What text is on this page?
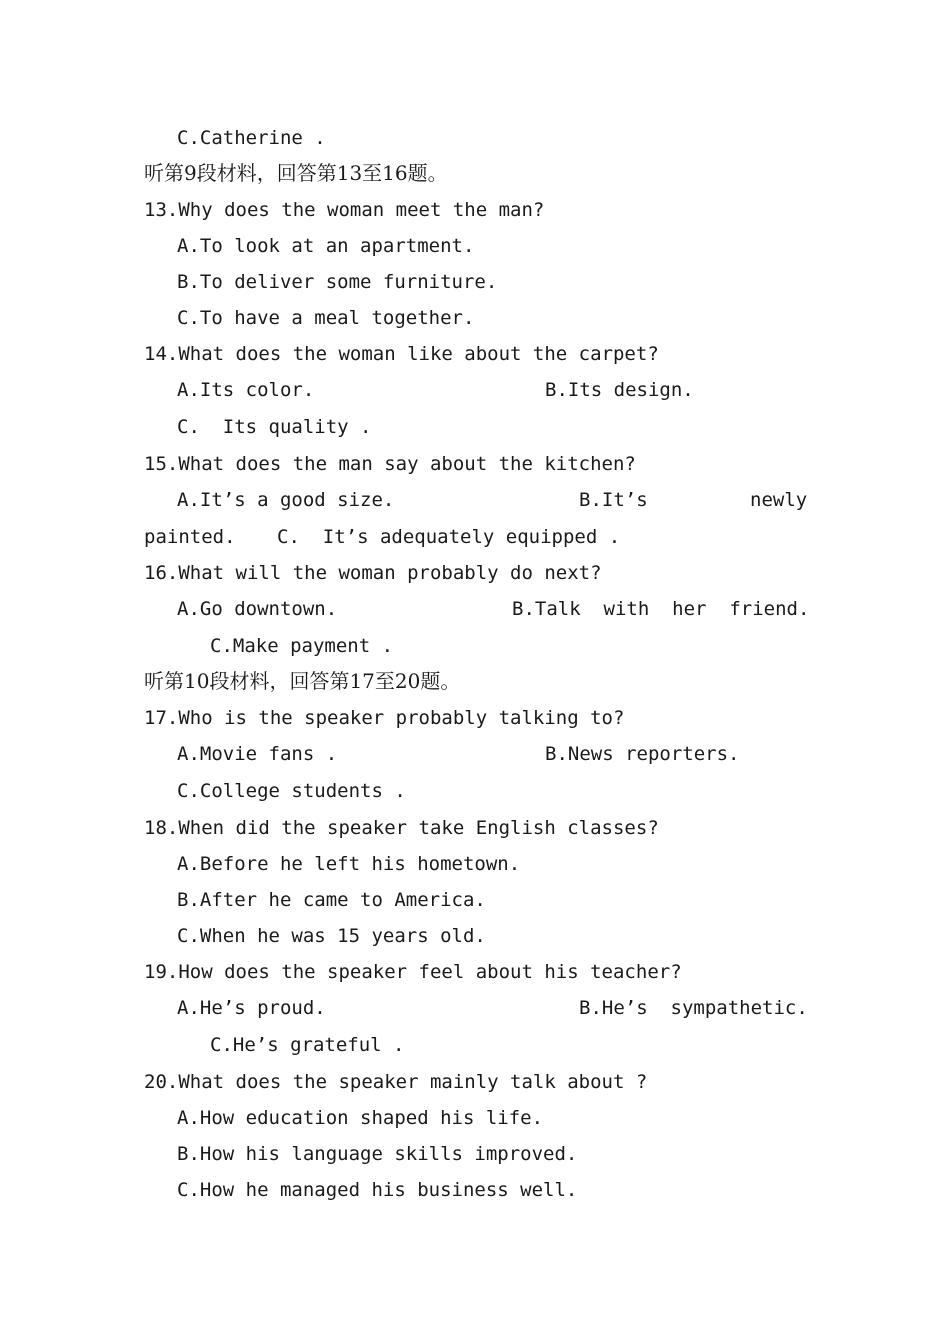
C.Catherine .
听第9段材料，回答第13至16题。
13.Why does the woman meet the man?
A.To look at an apartment.
B.To deliver some furniture.
C.To have a meal together.
14.What does the woman like about the carpet?
A.Its color.	B.Its design.
C.  Its quality .
15.What does the man say about the kitchen?
A.It’s a good size.	B.It’s	newly
painted. C.  It’s adequately equipped .
16.What will the woman probably do next?
A.Go downtown.	B.Talk  with  her  friend.
C.Make payment .
听第10段材料，回答第17至20题。
17.Who is the speaker probably talking to?
A.Movie fans .	B.News reporters.
C.College students .
18.When did the speaker take English classes?
A.Before he left his hometown.
B.After he came to America.
C.When he was 15 years old.
19.How does the speaker feel about his teacher?
A.He’s proud.	B.He’s  sympathetic.
C.He’s grateful .
20.What does the speaker mainly talk about ?
A.How education shaped his life.
B.How his language skills improved.
C.How he managed his business well.
